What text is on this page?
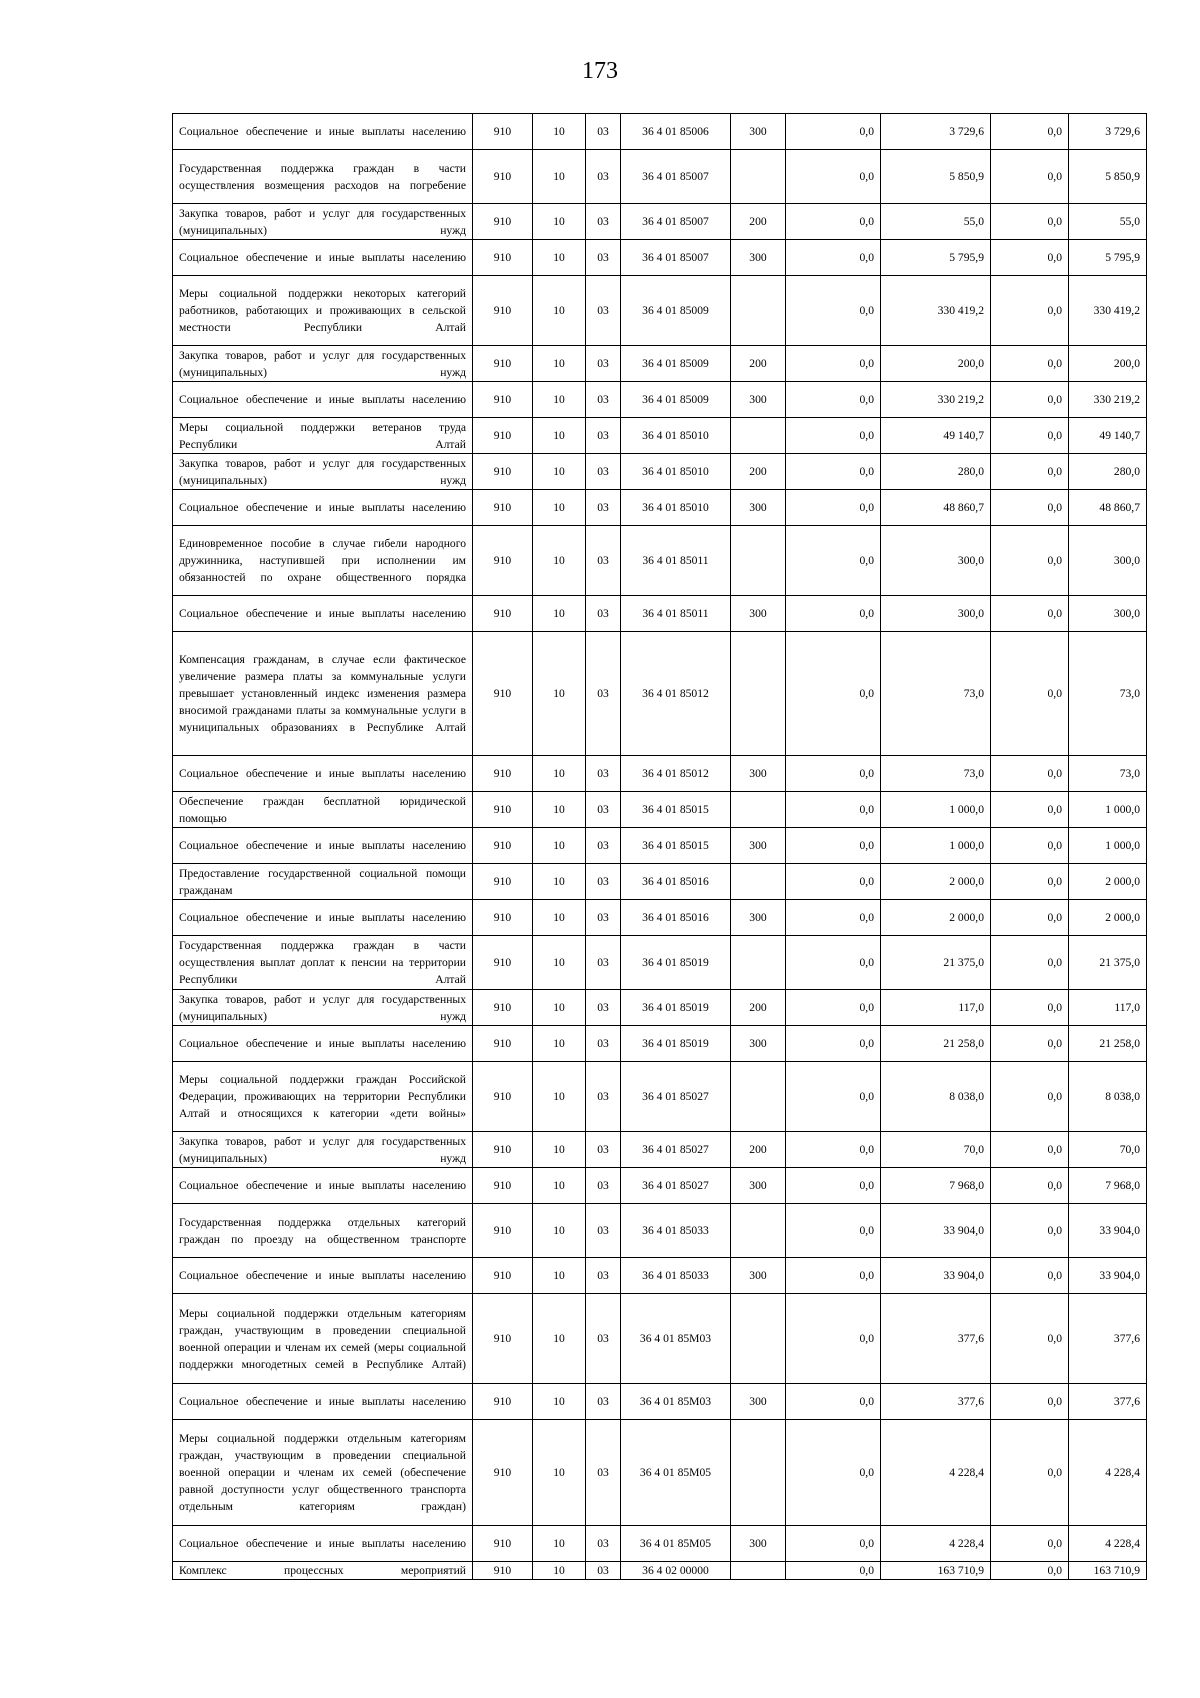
173
Социальное обеспечение и иные выплаты населению	910	10	03	36 4 01 85006	300	0,0	3 729,6	0,0	3 729,6
Государственная поддержка граждан в части осуществления возмещения расходов на погребение	910	10	03	36 4 01 85007		0,0	5 850,9	0,0	5 850,9
Закупка товаров, работ и услуг для государственных (муниципальных) нужд	910	10	03	36 4 01 85007	200	0,0	55,0	0,0	55,0
Социальное обеспечение и иные выплаты населению	910	10	03	36 4 01 85007	300	0,0	5 795,9	0,0	5 795,9
Меры социальной поддержки некоторых категорий работников, работающих и проживающих в сельской местности Республики Алтай	910	10	03	36 4 01 85009		0,0	330 419,2	0,0	330 419,2
Закупка товаров, работ и услуг для государственных (муниципальных) нужд	910	10	03	36 4 01 85009	200	0,0	200,0	0,0	200,0
Социальное обеспечение и иные выплаты населению	910	10	03	36 4 01 85009	300	0,0	330 219,2	0,0	330 219,2
Меры социальной поддержки ветеранов труда Республики Алтай	910	10	03	36 4 01 85010		0,0	49 140,7	0,0	49 140,7
Закупка товаров, работ и услуг для государственных (муниципальных) нужд	910	10	03	36 4 01 85010	200	0,0	280,0	0,0	280,0
Социальное обеспечение и иные выплаты населению	910	10	03	36 4 01 85010	300	0,0	48 860,7	0,0	48 860,7
Единовременное пособие в случае гибели народного дружинника, наступившей при исполнении им обязанностей по охране общественного порядка	910	10	03	36 4 01 85011		0,0	300,0	0,0	300,0
Социальное обеспечение и иные выплаты населению	910	10	03	36 4 01 85011	300	0,0	300,0	0,0	300,0
Компенсация гражданам, в случае если фактическое увеличение размера платы за коммунальные услуги превышает установленный индекс изменения размера вносимой гражданами платы за коммунальные услуги в муниципальных образованиях в Республике Алтай	910	10	03	36 4 01 85012		0,0	73,0	0,0	73,0
Социальное обеспечение и иные выплаты населению	910	10	03	36 4 01 85012	300	0,0	73,0	0,0	73,0
Обеспечение граждан бесплатной юридической помощью	910	10	03	36 4 01 85015		0,0	1 000,0	0,0	1 000,0
Социальное обеспечение и иные выплаты населению	910	10	03	36 4 01 85015	300	0,0	1 000,0	0,0	1 000,0
Предоставление государственной социальной помощи гражданам	910	10	03	36 4 01 85016		0,0	2 000,0	0,0	2 000,0
Социальное обеспечение и иные выплаты населению	910	10	03	36 4 01 85016	300	0,0	2 000,0	0,0	2 000,0
Государственная поддержка граждан в части осуществления выплат доплат к пенсии на территории Республики Алтай	910	10	03	36 4 01 85019		0,0	21 375,0	0,0	21 375,0
Закупка товаров, работ и услуг для государственных (муниципальных) нужд	910	10	03	36 4 01 85019	200	0,0	117,0	0,0	117,0
Социальное обеспечение и иные выплаты населению	910	10	03	36 4 01 85019	300	0,0	21 258,0	0,0	21 258,0
Меры социальной поддержки граждан Российской Федерации, проживающих на территории Республики Алтай и относящихся к категории «дети войны»	910	10	03	36 4 01 85027		0,0	8 038,0	0,0	8 038,0
Закупка товаров, работ и услуг для государственных (муниципальных) нужд	910	10	03	36 4 01 85027	200	0,0	70,0	0,0	70,0
Социальное обеспечение и иные выплаты населению	910	10	03	36 4 01 85027	300	0,0	7 968,0	0,0	7 968,0
Государственная поддержка отдельных категорий граждан по проезду на общественном транспорте	910	10	03	36 4 01 85033		0,0	33 904,0	0,0	33 904,0
Социальное обеспечение и иные выплаты населению	910	10	03	36 4 01 85033	300	0,0	33 904,0	0,0	33 904,0
Меры социальной поддержки отдельным категориям граждан, участвующим в проведении специальной военной операции и членам их семей (меры социальной поддержки многодетных семей в Республике Алтай)	910	10	03	36 4 01 85М03		0,0	377,6	0,0	377,6
Социальное обеспечение и иные выплаты населению	910	10	03	36 4 01 85М03	300	0,0	377,6	0,0	377,6
Меры социальной поддержки отдельным категориям граждан, участвующим в проведении специальной военной операции и членам их семей (обеспечение равной доступности услуг общественного транспорта отдельным категориям граждан)	910	10	03	36 4 01 85М05		0,0	4 228,4	0,0	4 228,4
Социальное обеспечение и иные выплаты населению	910	10	03	36 4 01 85М05	300	0,0	4 228,4	0,0	4 228,4
Комплекс процессных мероприятий	910	10	03	36 4 02 00000		0,0	163 710,9	0,0	163 710,9
